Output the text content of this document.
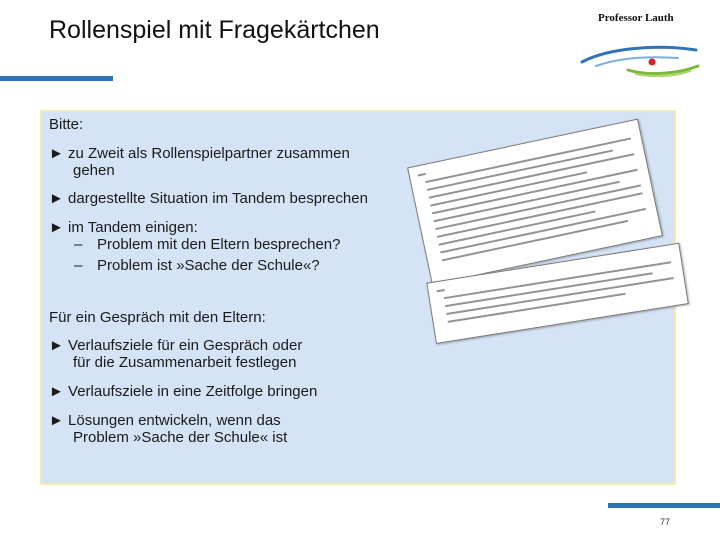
Rollenspiel mit Fragekärtchen	Professor Lauth
Bitte:
► zu Zweit als Rollenspielpartner zusammen
gehen
► dargestellte Situation im Tandem besprechen
► im Tandem einigen:
– Problem mit den Eltern besprechen?
– Problem ist »Sache der Schule«?
Für ein Gespräch mit den Eltern:
► Verlaufsziele für ein Gespräch oder
für die Zusammenarbeit festlegen
► Verlaufsziele in eine Zeitfolge bringen
► Lösungen entwickeln, wenn das
Problem »Sache der Schule« ist
77
